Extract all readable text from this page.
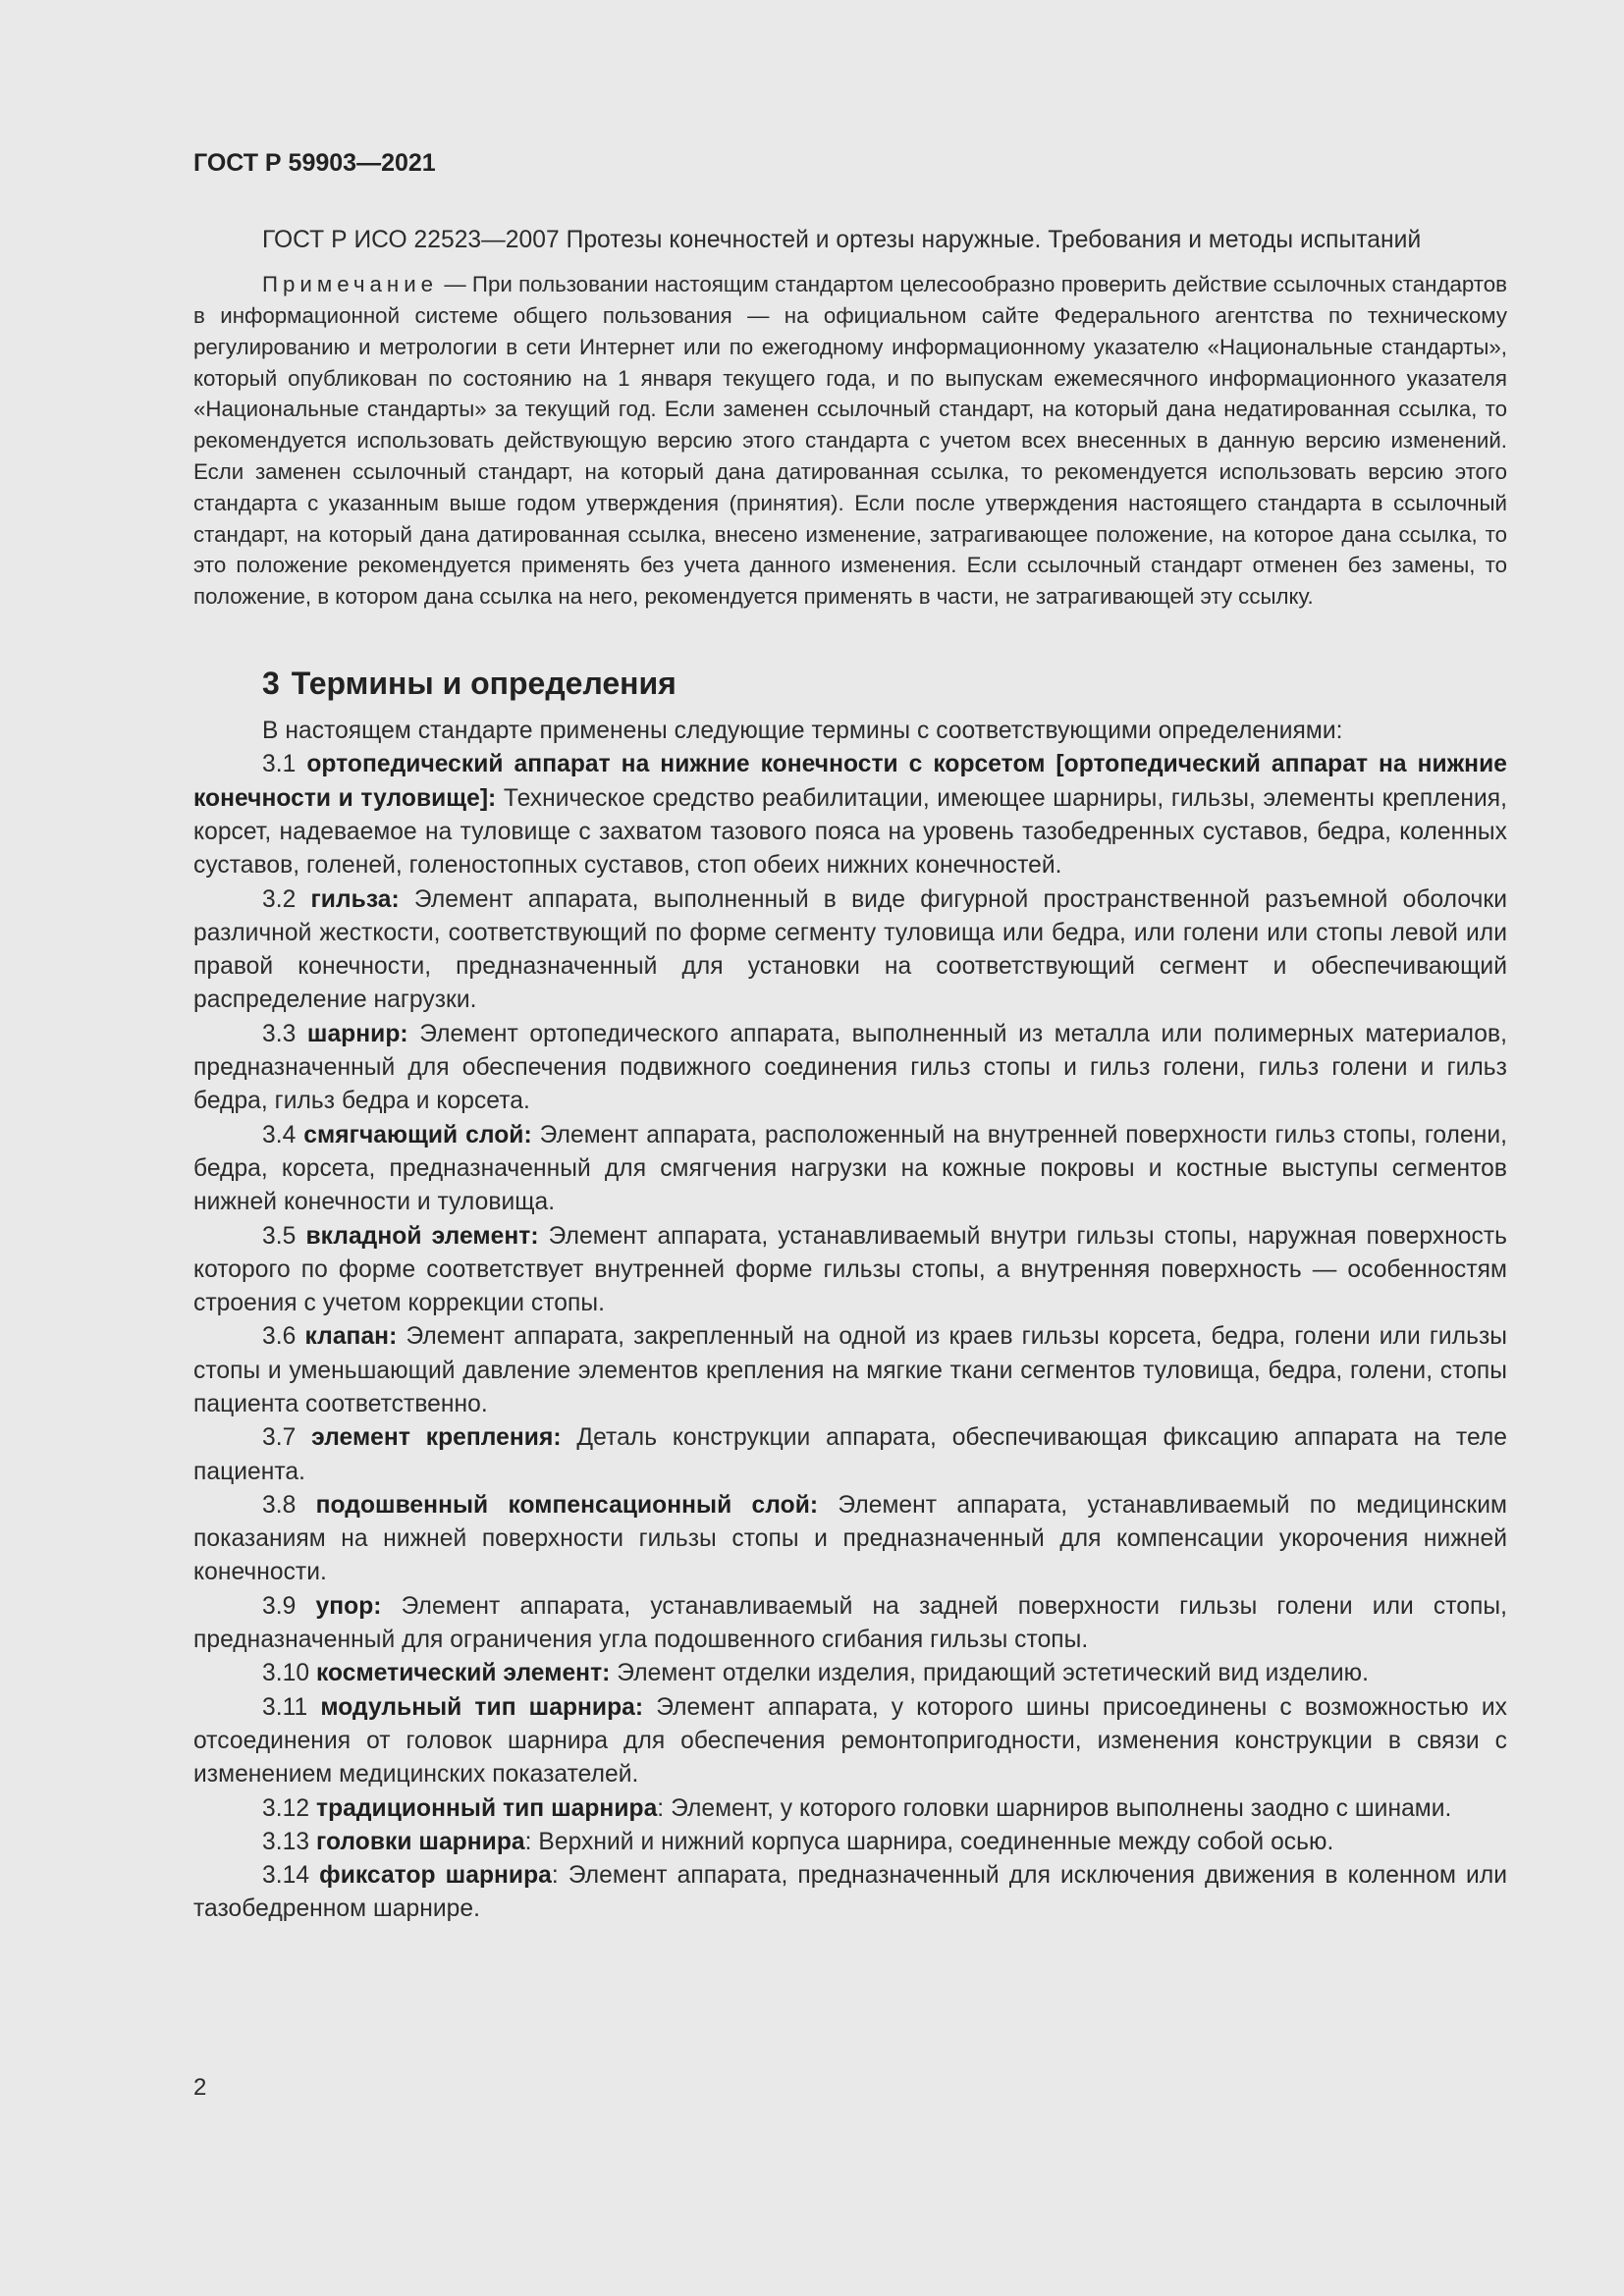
ГОСТ Р 59903—2021

ГОСТ Р ИСО 22523—2007 Протезы конечностей и ортезы наружные. Требования и методы испытаний

Примечание — При пользовании настоящим стандартом целесообразно проверить действие ссылочных стандартов в информационной системе общего пользования — на официальном сайте Федерального агентства по техническому регулированию и метрологии в сети Интернет или по ежегодному информационному указателю «Национальные стандарты», который опубликован по состоянию на 1 января текущего года, и по выпускам ежемесячного информационного указателя «Национальные стандарты» за текущий год. Если заменен ссылочный стандарт, на который дана недатированная ссылка, то рекомендуется использовать действующую версию этого стандарта с учетом всех внесенных в данную версию изменений. Если заменен ссылочный стандарт, на который дана датированная ссылка, то рекомендуется использовать версию этого стандарта с указанным выше годом утверждения (принятия). Если после утверждения настоящего стандарта в ссылочный стандарт, на который дана датированная ссылка, внесено изменение, затрагивающее положение, на которое дана ссылка, то это положение рекомендуется применять без учета данного изменения. Если ссылочный стандарт отменен без замены, то положение, в котором дана ссылка на него, рекомендуется применять в части, не затрагивающей эту ссылку.

3 Термины и определения

В настоящем стандарте применены следующие термины с соответствующими определениями:

3.1 ортопедический аппарат на нижние конечности с корсетом [ортопедический аппарат на нижние конечности и туловище]: Техническое средство реабилитации, имеющее шарниры, гильзы, элементы крепления, корсет, надеваемое на туловище с захватом тазового пояса на уровень тазобедренных суставов, бедра, коленных суставов, голеней, голеностопных суставов, стоп обеих нижних конечностей.

3.2 гильза: Элемент аппарата, выполненный в виде фигурной пространственной разъемной оболочки различной жесткости, соответствующий по форме сегменту туловища или бедра, или голени или стопы левой или правой конечности, предназначенный для установки на соответствующий сегмент и обеспечивающий распределение нагрузки.

3.3 шарнир: Элемент ортопедического аппарата, выполненный из металла или полимерных материалов, предназначенный для обеспечения подвижного соединения гильз стопы и гильз голени, гильз голени и гильз бедра, гильз бедра и корсета.

3.4 смягчающий слой: Элемент аппарата, расположенный на внутренней поверхности гильз стопы, голени, бедра, корсета, предназначенный для смягчения нагрузки на кожные покровы и костные выступы сегментов нижней конечности и туловища.

3.5 вкладной элемент: Элемент аппарата, устанавливаемый внутри гильзы стопы, наружная поверхность которого по форме соответствует внутренней форме гильзы стопы, а внутренняя поверхность — особенностям строения с учетом коррекции стопы.

3.6 клапан: Элемент аппарата, закрепленный на одной из краев гильзы корсета, бедра, голени или гильзы стопы и уменьшающий давление элементов крепления на мягкие ткани сегментов туловища, бедра, голени, стопы пациента соответственно.

3.7 элемент крепления: Деталь конструкции аппарата, обеспечивающая фиксацию аппарата на теле пациента.

3.8 подошвенный компенсационный слой: Элемент аппарата, устанавливаемый по медицинским показаниям на нижней поверхности гильзы стопы и предназначенный для компенсации укорочения нижней конечности.

3.9 упор: Элемент аппарата, устанавливаемый на задней поверхности гильзы голени или стопы, предназначенный для ограничения угла подошвенного сгибания гильзы стопы.

3.10 косметический элемент: Элемент отделки изделия, придающий эстетический вид изделию.

3.11 модульный тип шарнира: Элемент аппарата, у которого шины присоединены с возможностью их отсоединения от головок шарнира для обеспечения ремонтопригодности, изменения конструкции в связи с изменением медицинских показателей.

3.12 традиционный тип шарнира: Элемент, у которого головки шарниров выполнены заодно с шинами.

3.13 головки шарнира: Верхний и нижний корпуса шарнира, соединенные между собой осью.

3.14 фиксатор шарнира: Элемент аппарата, предназначенный для исключения движения в коленном или тазобедренном шарнире.

2
